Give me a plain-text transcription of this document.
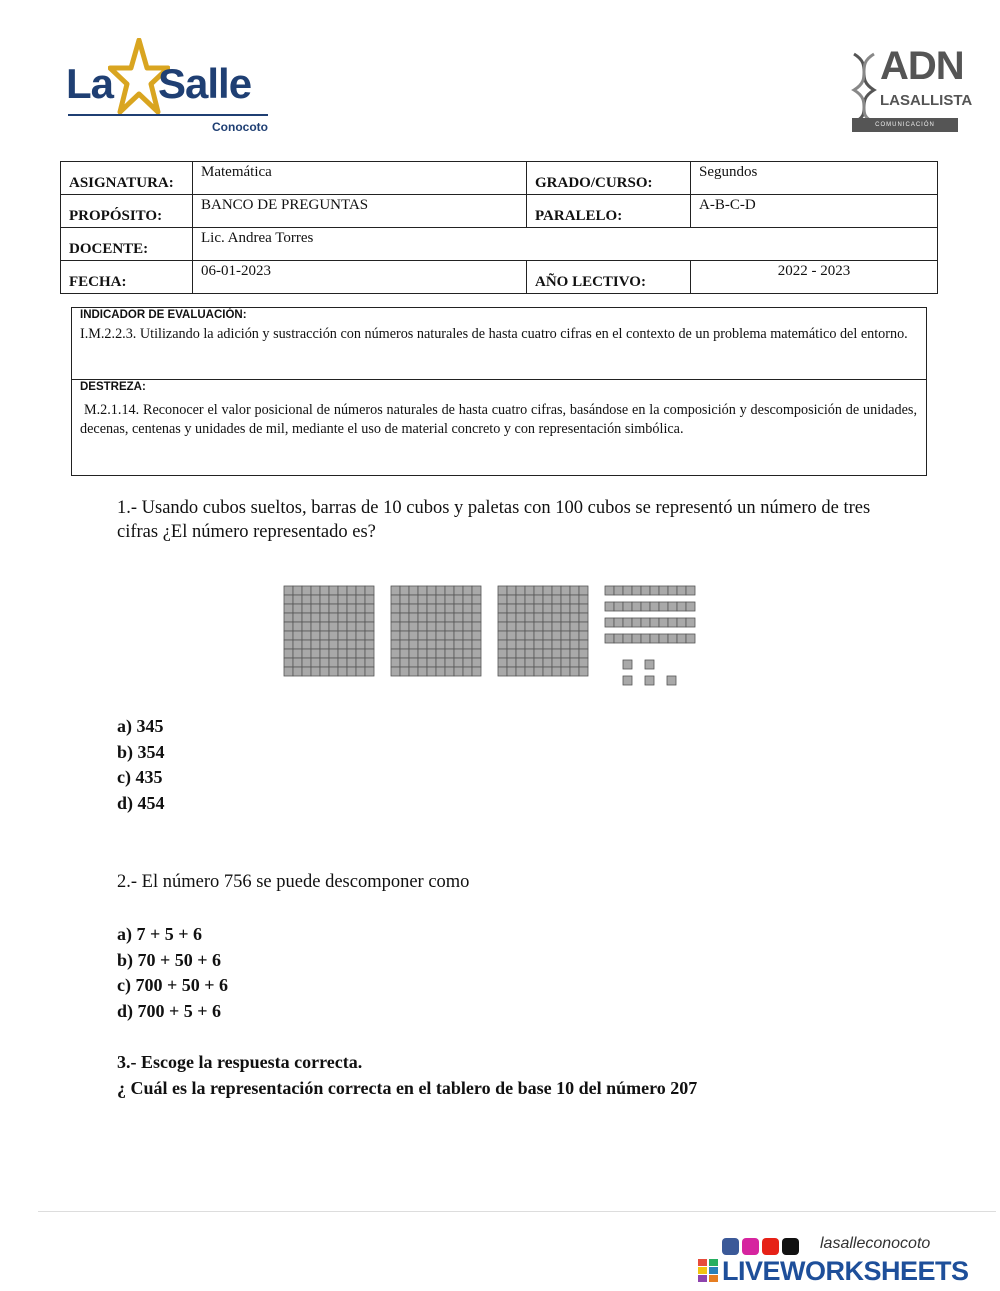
La Salle
Conocoto
ADN
LASALLISTA
COMUNICACIÓN
ASIGNATURA:	Matemática	GRADO/CURSO:	Segundos
PROPÓSITO:	BANCO DE PREGUNTAS	PARALELO:	A-B-C-D
DOCENTE:	Lic. Andrea Torres		
FECHA:	06-01-2023	AÑO LECTIVO:	2022 - 2023
INDICADOR DE EVALUACIÓN:
I.M.2.2.3. Utilizando la adición y sustracción con números naturales de hasta cuatro cifras en el contexto de un problema matemático del entorno.
DESTREZA:
M.2.1.14. Reconocer el valor posicional de números naturales de hasta cuatro cifras, basándose en la composición y descomposición de unidades, decenas, centenas y unidades de mil, mediante el uso de material concreto y con representación simbólica.
1.- Usando cubos sueltos, barras de 10 cubos y paletas con 100 cubos se representó un número de tres cifras ¿El número representado es?
a) 345
b) 354
c) 435
d) 454
2.- El número 756 se puede descomponer como
a) 7 + 5 + 6
b) 70 + 50 + 6
c) 700 + 50 + 6
d) 700 + 5 + 6
3.- Escoge la respuesta correcta.
¿ Cuál es la representación correcta en el tablero de base 10 del número 207
lasalleconocoto
LIVEWORKSHEETS
